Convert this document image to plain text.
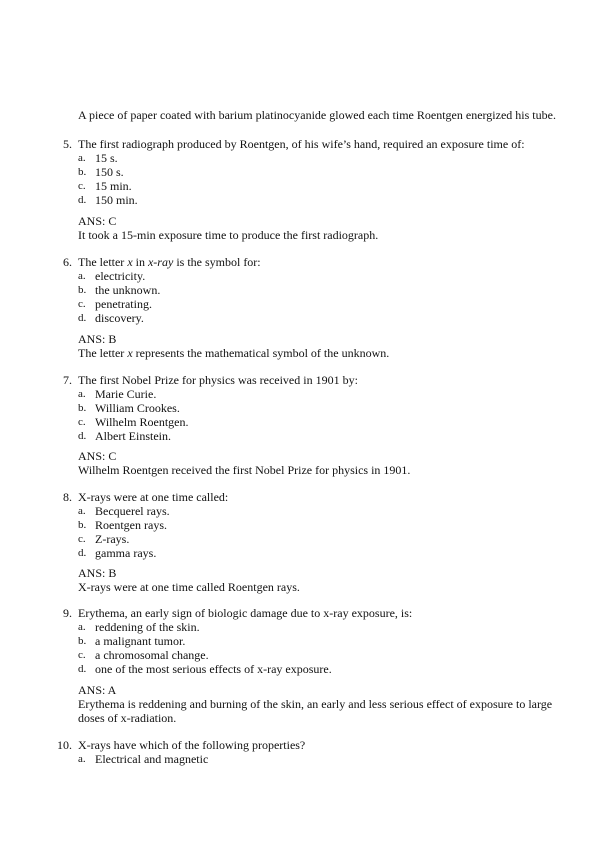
A piece of paper coated with barium platinocyanide glowed each time Roentgen energized his tube.
5. The first radiograph produced by Roentgen, of his wife’s hand, required an exposure time of:
a. 15 s.
b. 150 s.
c. 15 min.
d. 150 min.
ANS: C
It took a 15-min exposure time to produce the first radiograph.
6. The letter x in x-ray is the symbol for:
a. electricity.
b. the unknown.
c. penetrating.
d. discovery.
ANS: B
The letter x represents the mathematical symbol of the unknown.
7. The first Nobel Prize for physics was received in 1901 by:
a. Marie Curie.
b. William Crookes.
c. Wilhelm Roentgen.
d. Albert Einstein.
ANS: C
Wilhelm Roentgen received the first Nobel Prize for physics in 1901.
8. X-rays were at one time called:
a. Becquerel rays.
b. Roentgen rays.
c. Z-rays.
d. gamma rays.
ANS: B
X-rays were at one time called Roentgen rays.
9. Erythema, an early sign of biologic damage due to x-ray exposure, is:
a. reddening of the skin.
b. a malignant tumor.
c. a chromosomal change.
d. one of the most serious effects of x-ray exposure.
ANS: A
Erythema is reddening and burning of the skin, an early and less serious effect of exposure to large
doses of x-radiation.
10. X-rays have which of the following properties?
a. Electrical and magnetic
